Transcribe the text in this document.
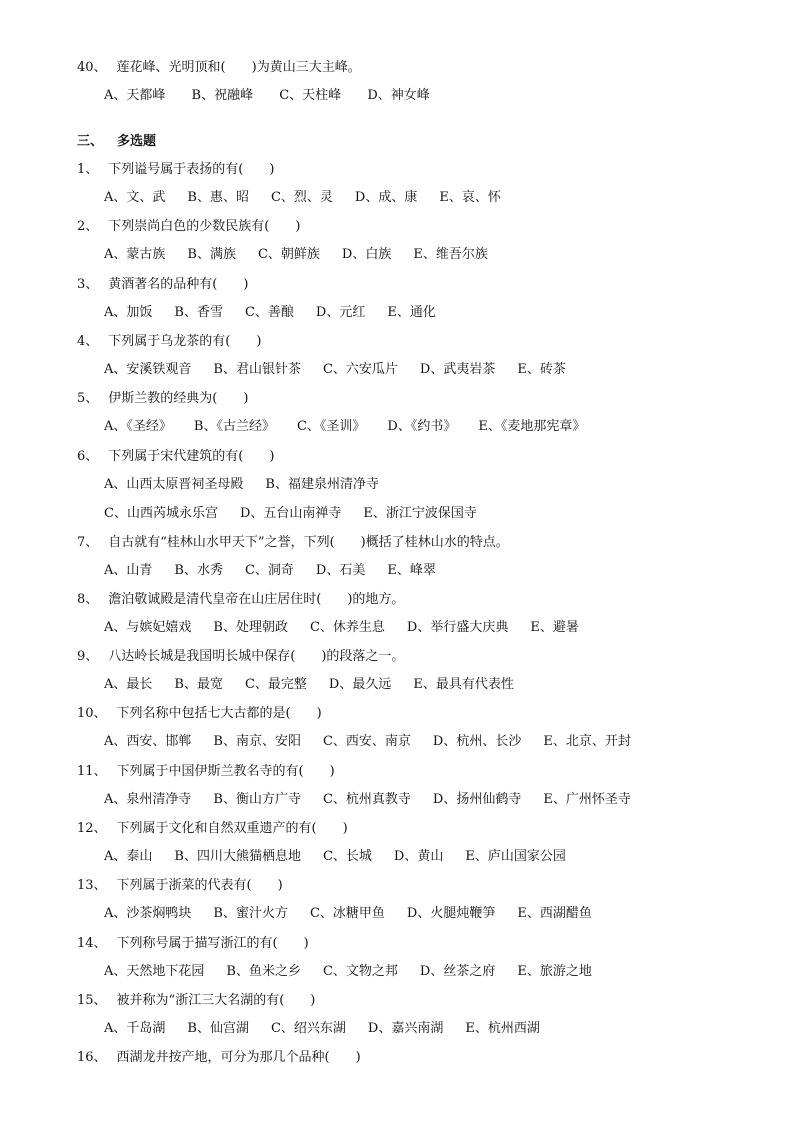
40、 莲花峰、光明顶和(　　)为黄山三大主峰。
A、天都峰 B、祝融峰 C、天柱峰 D、神女峰
三、 多选题
1、 下列谥号属于表扬的有(　　)
A、文、武 B、惠、昭 C、烈、灵 D、成、康 E、哀、怀
2、 下列崇尚白色的少数民族有(　　)
A、蒙古族 B、满族 C、朝鲜族 D、白族 E、维吾尔族
3、 黄酒著名的品种有(　　)
A、加饭 B、香雪 C、善酿 D、元红 E、通化
4、 下列属于乌龙茶的有(　　)
A、安溪铁观音 B、君山银针茶 C、六安瓜片 D、武夷岩茶 E、砖茶
5、 伊斯兰教的经典为(　　)
A、《圣经》 B、《古兰经》 C、《圣训》 D、《约书》 E、《麦地那宪章》
6、 下列属于宋代建筑的有(　　)
A、山西太原晋祠圣母殿 B、福建泉州清净寺
C、山西芮城永乐宫 D、五台山南禅寺 E、浙江宁波保国寺
7、 自古就有“桂林山水甲天下”之誉，下列(　　)概括了桂林山水的特点。
A、山青 B、水秀 C、洞奇 D、石美 E、峰翠
8、 澹泊敬诚殿是清代皇帝在山庄居住时(　　)的地方。
A、与嫔妃嬉戏 B、处理朝政 C、休养生息 D、举行盛大庆典 E、避暑
9、 八达岭长城是我国明长城中保存(　　)的段落之一。
A、最长 B、最宽 C、最完整 D、最久远 E、最具有代表性
10、 下列名称中包括七大古都的是(　　)
A、西安、邯郸 B、南京、安阳 C、西安、南京 D、杭州、长沙 E、北京、开封
11、 下列属于中国伊斯兰教名寺的有(　　)
A、泉州清净寺 B、衡山方广寺 C、杭州真教寺 D、扬州仙鹤寺 E、广州怀圣寺
12、 下列属于文化和自然双重遗产的有(　　)
A、泰山 B、四川大熊猫栖息地 C、长城 D、黄山 E、庐山国家公园
13、 下列属于浙菜的代表有(　　)
A、沙茶焖鸭块 B、蜜汁火方 C、冰糖甲鱼 D、火腿炖鞭笋 E、西湖醋鱼
14、 下列称号属于描写浙江的有(　　)
A、天然地下花园 B、鱼米之乡 C、文物之邦 D、丝茶之府 E、旅游之地
15、 被并称为“浙江三大名湖的有(　　)
A、千岛湖 B、仙宫湖 C、绍兴东湖 D、嘉兴南湖 E、杭州西湖
16、 西湖龙井按产地，可分为那几个品种(　　)
